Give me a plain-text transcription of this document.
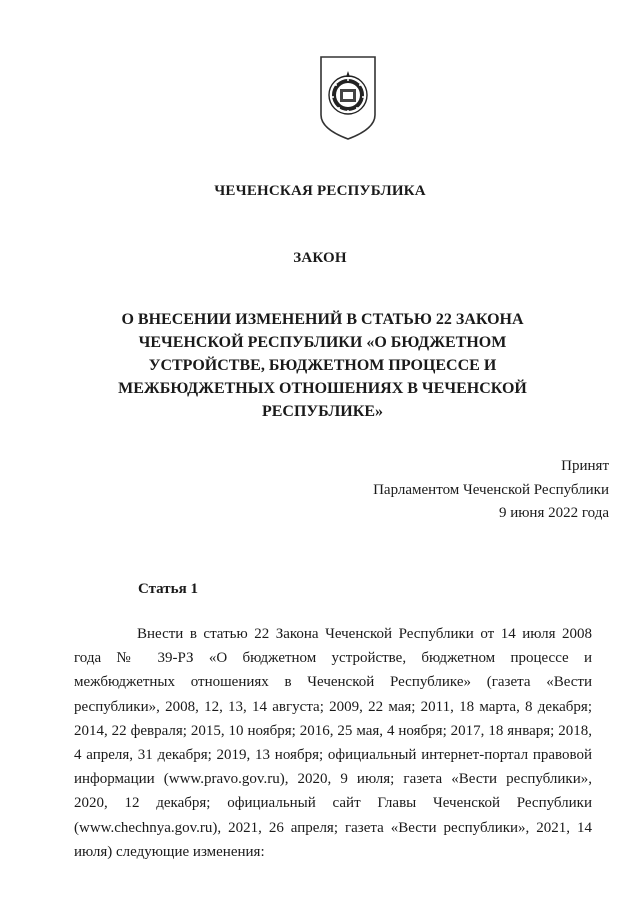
ЧЕЧЕНСКАЯ РЕСПУБЛИКА
ЗАКОН
О ВНЕСЕНИИ ИЗМЕНЕНИЙ В СТАТЬЮ 22 ЗАКОНА ЧЕЧЕНСКОЙ РЕСПУБЛИКИ «О БЮДЖЕТНОМ УСТРОЙСТВЕ, БЮДЖЕТНОМ ПРОЦЕССЕ И МЕЖБЮДЖЕТНЫХ ОТНОШЕНИЯХ В ЧЕЧЕНСКОЙ РЕСПУБЛИКЕ»
Принят
Парламентом Чеченской Республики
9 июня 2022 года
Статья 1
Внести в статью 22 Закона Чеченской Республики от 14 июля 2008 года № 39-РЗ «О бюджетном устройстве, бюджетном процессе и межбюджетных отношениях в Чеченской Республике» (газета «Вести республики», 2008, 12, 13, 14 августа; 2009, 22 мая; 2011, 18 марта, 8 декабря; 2014, 22 февраля; 2015, 10 ноября; 2016, 25 мая, 4 ноября; 2017, 18 января; 2018, 4 апреля, 31 декабря; 2019, 13 ноября; официальный интернет-портал правовой информации (www.pravo.gov.ru), 2020, 9 июля; газета «Вести республики», 2020, 12 декабря; официальный сайт Главы Чеченской Республики (www.chechnya.gov.ru), 2021, 26 апреля; газета «Вести республики», 2021, 14 июля) следующие изменения:
